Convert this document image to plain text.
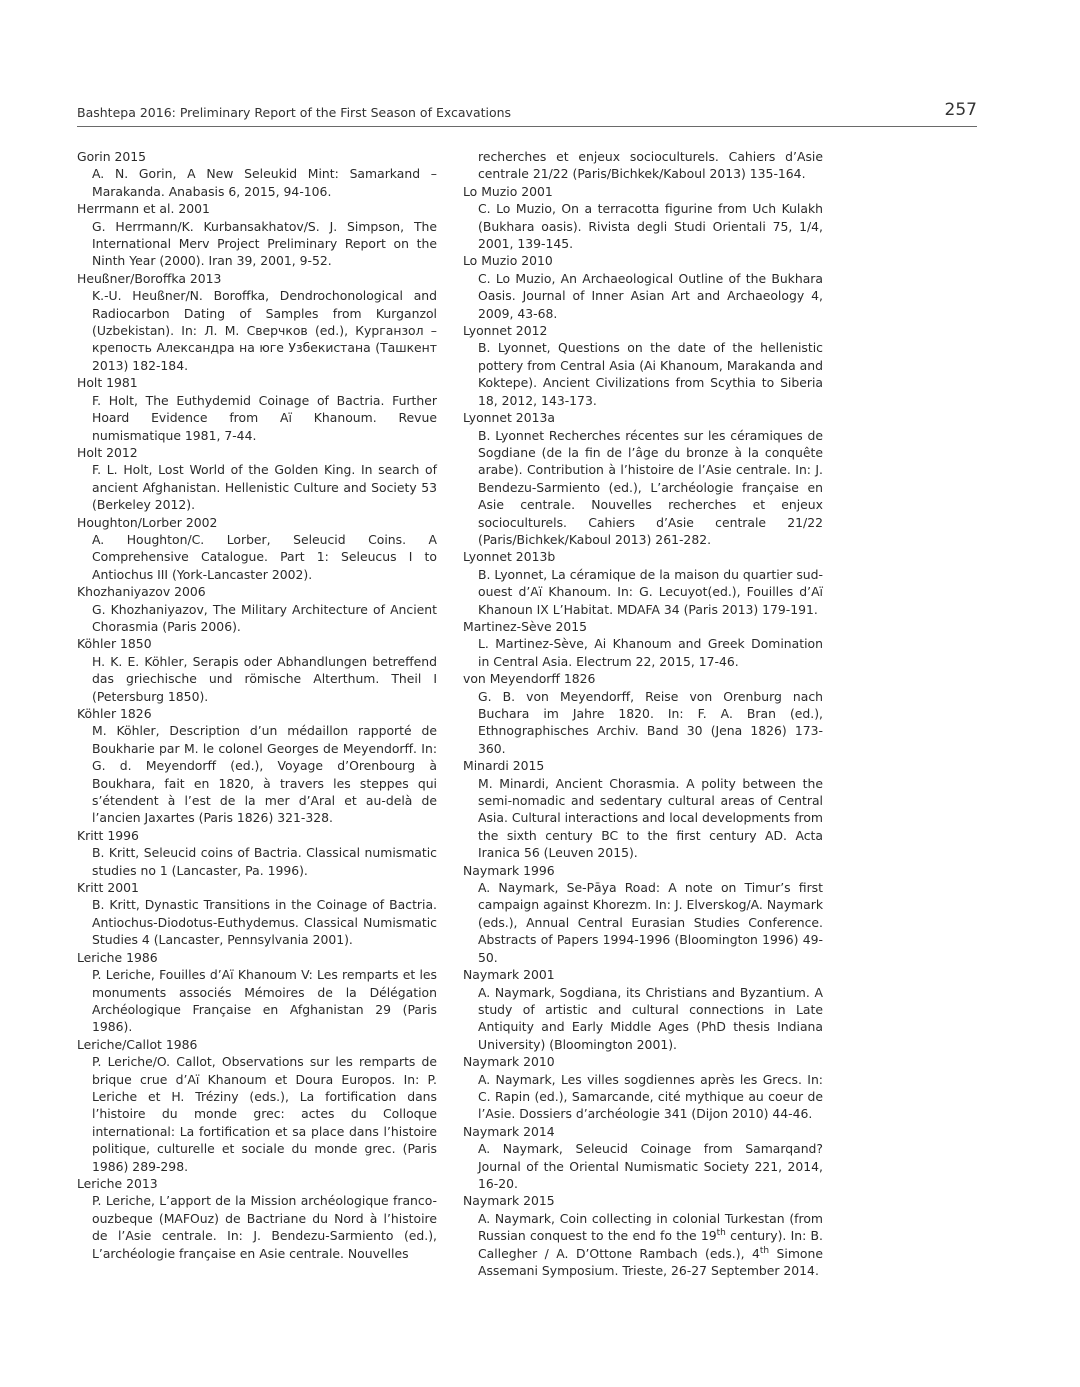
Bashtepa 2016: Preliminary Report of the First Season of Excavations	257

Gorin 2015

A. N. Gorin, A New Seleukid Mint: Samarkand – Marakanda. Anabasis 6, 2015, 94-106.

Herrmann et al. 2001

G. Herrmann/K. Kurbansakhatov/S. J. Simpson, The International Merv Project Preliminary Report on the Ninth Year (2000). Iran 39, 2001, 9-52.

Heußner/Boroffka 2013

K.-U. Heußner/N. Boroffka, Dendrochonological and Radiocarbon Dating of Samples from Kurganzol (Uzbekistan). In: Л. М. Сверчков (ed.), Курганзол – крепость Александра на юге Узбекистана (Ташкент 2013) 182-184.

Holt 1981

F. Holt, The Euthydemid Coinage of Bactria. Further Hoard Evidence from Aï Khanoum. Revue numismatique 1981, 7-44.

Holt 2012

F. L. Holt, Lost World of the Golden King. In search of ancient Afghanistan. Hellenistic Culture and Society 53 (Berkeley 2012).

Houghton/Lorber 2002

A. Houghton/C. Lorber, Seleucid Coins. A Comprehensive Catalogue. Part 1: Seleucus I to Antiochus III (York-Lancaster 2002).

Khozhaniyazov 2006

G. Khozhaniyazov, The Military Architecture of Ancient Chorasmia (Paris 2006).

Köhler 1850

H. K. E. Köhler, Serapis oder Abhandlungen betreffend das griechische und römische Alterthum. Theil I (Petersburg 1850).

Köhler 1826

M. Köhler, Description d’un médaillon rapporté de Boukharie par M. le colonel Georges de Meyendorff. In: G. d. Meyendorff (ed.), Voyage d’Orenbourg à Boukhara, fait en 1820, à travers les steppes qui s’étendent à l’est de la mer d’Aral et au-delà de l’ancien Jaxartes (Paris 1826) 321-328.

Kritt 1996

B. Kritt, Seleucid coins of Bactria. Classical numismatic studies no 1 (Lancaster, Pa. 1996).

Kritt 2001

B. Kritt, Dynastic Transitions in the Coinage of Bactria. Antiochus-Diodotus-Euthydemus. Classical Numismatic Studies 4 (Lancaster, Pennsylvania 2001).

Leriche 1986

P. Leriche, Fouilles d’Aï Khanoum V: Les remparts et les monuments associés Mémoires de la Délégation Archéologique Française en Afghanistan 29 (Paris 1986).

Leriche/Callot 1986

P. Leriche/O. Callot, Observations sur les remparts de brique crue d’Aï Khanoum et Doura Europos. In: P. Leriche et H. Tréziny (eds.), La fortification dans l’histoire du monde grec: actes du Colloque international: La fortification et sa place dans l’histoire politique, culturelle et sociale du monde grec. (Paris 1986) 289-298.

Leriche 2013

P. Leriche, L’apport de la Mission archéologique franco-ouzbeque (MAFOuz) de Bactriane du Nord à l’histoire de l’Asie centrale. In: J. Bendezu-Sarmiento (ed.), L’archéologie française en Asie centrale. Nouvelles

recherches et enjeux socioculturels. Cahiers d’Asie centrale 21/22 (Paris/Bichkek/Kaboul 2013) 135-164.

Lo Muzio 2001

C. Lo Muzio, On a terracotta figurine from Uch Kulakh (Bukhara oasis). Rivista degli Studi Orientali 75, 1/4, 2001, 139-145.

Lo Muzio 2010

C. Lo Muzio, An Archaeological Outline of the Bukhara Oasis. Journal of Inner Asian Art and Archaeology 4, 2009, 43-68.

Lyonnet 2012

B. Lyonnet, Questions on the date of the hellenistic pottery from Central Asia (Ai Khanoum, Marakanda and Koktepe). Ancient Civilizations from Scythia to Siberia 18, 2012, 143-173.

Lyonnet 2013a

B. Lyonnet Recherches récentes sur les céramiques de Sogdiane (de la fin de l’âge du bronze à la conquête arabe). Contribution à l’histoire de l’Asie centrale. In: J. Bendezu-Sarmiento (ed.), L’archéologie française en Asie centrale. Nouvelles recherches et enjeux socioculturels. Cahiers d’Asie centrale 21/22 (Paris/Bichkek/Kaboul 2013) 261-282.

Lyonnet 2013b

B. Lyonnet, La céramique de la maison du quartier sud-ouest d’Aï Khanoum. In: G. Lecuyot(ed.), Fouilles d’Aï Khanoun IX L’Habitat. MDAFA 34 (Paris 2013) 179-191.

Martinez-Sève 2015

L. Martinez-Sève, Ai Khanoum and Greek Domination in Central Asia. Electrum 22, 2015, 17-46.

von Meyendorff 1826

G. B. von Meyendorff, Reise von Orenburg nach Buchara im Jahre 1820. In: F. A. Bran (ed.), Ethnographisches Archiv. Band 30 (Jena 1826) 173-360.

Minardi 2015

M. Minardi, Ancient Chorasmia. A polity between the semi-nomadic and sedentary cultural areas of Central Asia. Cultural interactions and local developments from the sixth century BC to the first century AD. Acta Iranica 56 (Leuven 2015).

Naymark 1996

A. Naymark, Se-Pāya Road: A note on Timur’s first campaign against Khorezm. In: J. Elverskog/A. Naymark (eds.), Annual Central Eurasian Studies Conference. Abstracts of Papers 1994-1996 (Bloomington 1996) 49-50.

Naymark 2001

A. Naymark, Sogdiana, its Christians and Byzantium. A study of artistic and cultural connections in Late Antiquity and Early Middle Ages (PhD thesis Indiana University) (Bloomington 2001).

Naymark 2010

A. Naymark, Les villes sogdiennes après les Grecs. In: C. Rapin (ed.), Samarcande, cité mythique au coeur de l’Asie. Dossiers d’archéologie 341 (Dijon 2010) 44-46.

Naymark 2014

A. Naymark, Seleucid Coinage from Samarqand? Journal of the Oriental Numismatic Society 221, 2014, 16-20.

Naymark 2015

A. Naymark, Coin collecting in colonial Turkestan (from Russian conquest to the end fo the 19th century). In: B. Callegher / A. D’Ottone Rambach (eds.), 4th Simone Assemani Symposium. Trieste, 26-27 September 2014.
